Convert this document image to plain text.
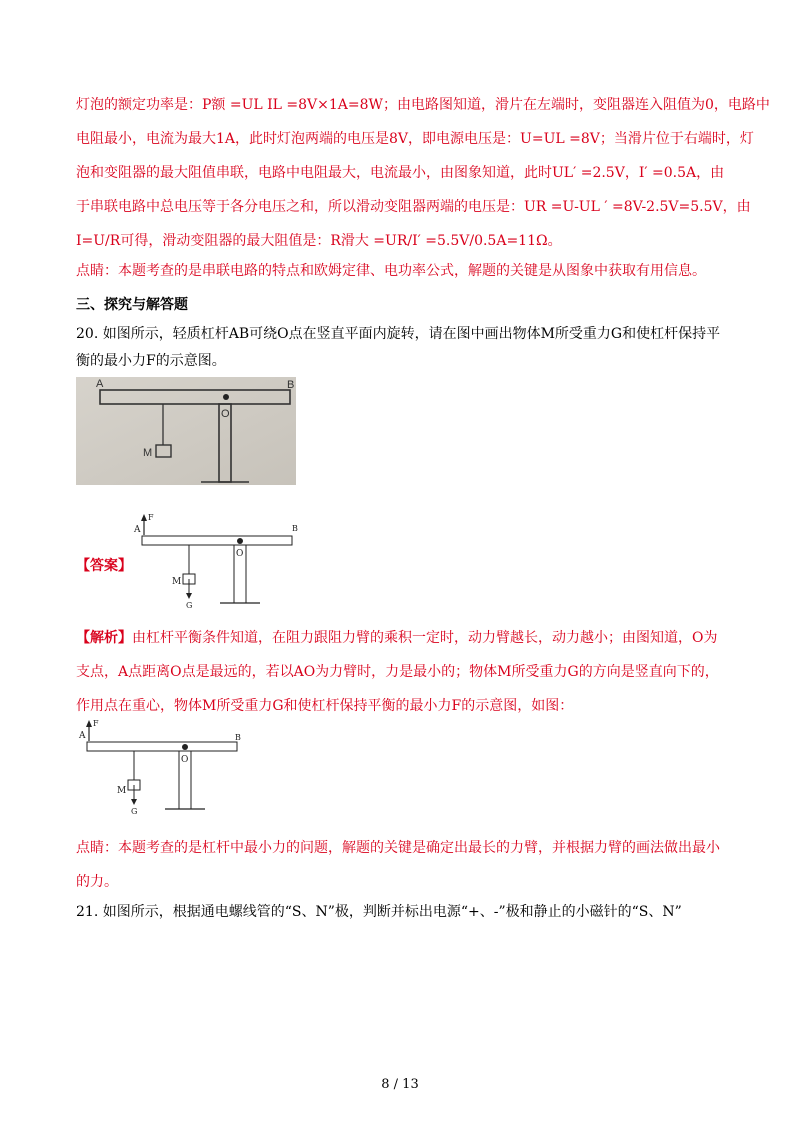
灯泡的额定功率是：P额 =UL IL =8V×1A=8W；由电路图知道，滑片在左端时，变阻器连入阻值为0，电路中
电阻最小，电流为最大1A，此时灯泡两端的电压是8V，即电源电压是：U=UL =8V；当滑片位于右端时，灯
泡和变阻器的最大阻值串联，电路中电阻最大，电流最小，由图象知道，此时UL′ =2.5V，I′ =0.5A，由
于串联电路中总电压等于各分电压之和，所以滑动变阻器两端的电压是：UR =U-UL ′ =8V-2.5V=5.5V，由
I=U/R可得，滑动变阻器的最大阻值是：R滑大 =UR/I′ =5.5V/0.5A=11Ω。
点睛：本题考查的是串联电路的特点和欧姆定律、电功率公式，解题的关键是从图象中获取有用信息。
三、探究与解答题
20. 如图所示，轻质杠杆AB可绕O点在竖直平面内旋转，请在图中画出物体M所受重力G和使杠杆保持平
衡的最小力F的示意图。
A	B
O
M
【答案】
F
A	B
O
M
G
【解析】由杠杆平衡条件知道，在阻力跟阻力臂的乘积一定时，动力臂越长，动力越小；由图知道，O为
支点，A点距离O点是最远的，若以AO为力臂时，力是最小的；物体M所受重力G的方向是竖直向下的，
作用点在重心，物体M所受重力G和使杠杆保持平衡的最小力F的示意图，如图：
F
A	B
O
M
G
点睛：本题考查的是杠杆中最小力的问题，解题的关键是确定出最长的力臂，并根据力臂的画法做出最小
的力。
21. 如图所示，根据通电螺线管的“S、N”极，判断并标出电源“+、-”极和静止的小磁针的“S、N”
8 / 13
